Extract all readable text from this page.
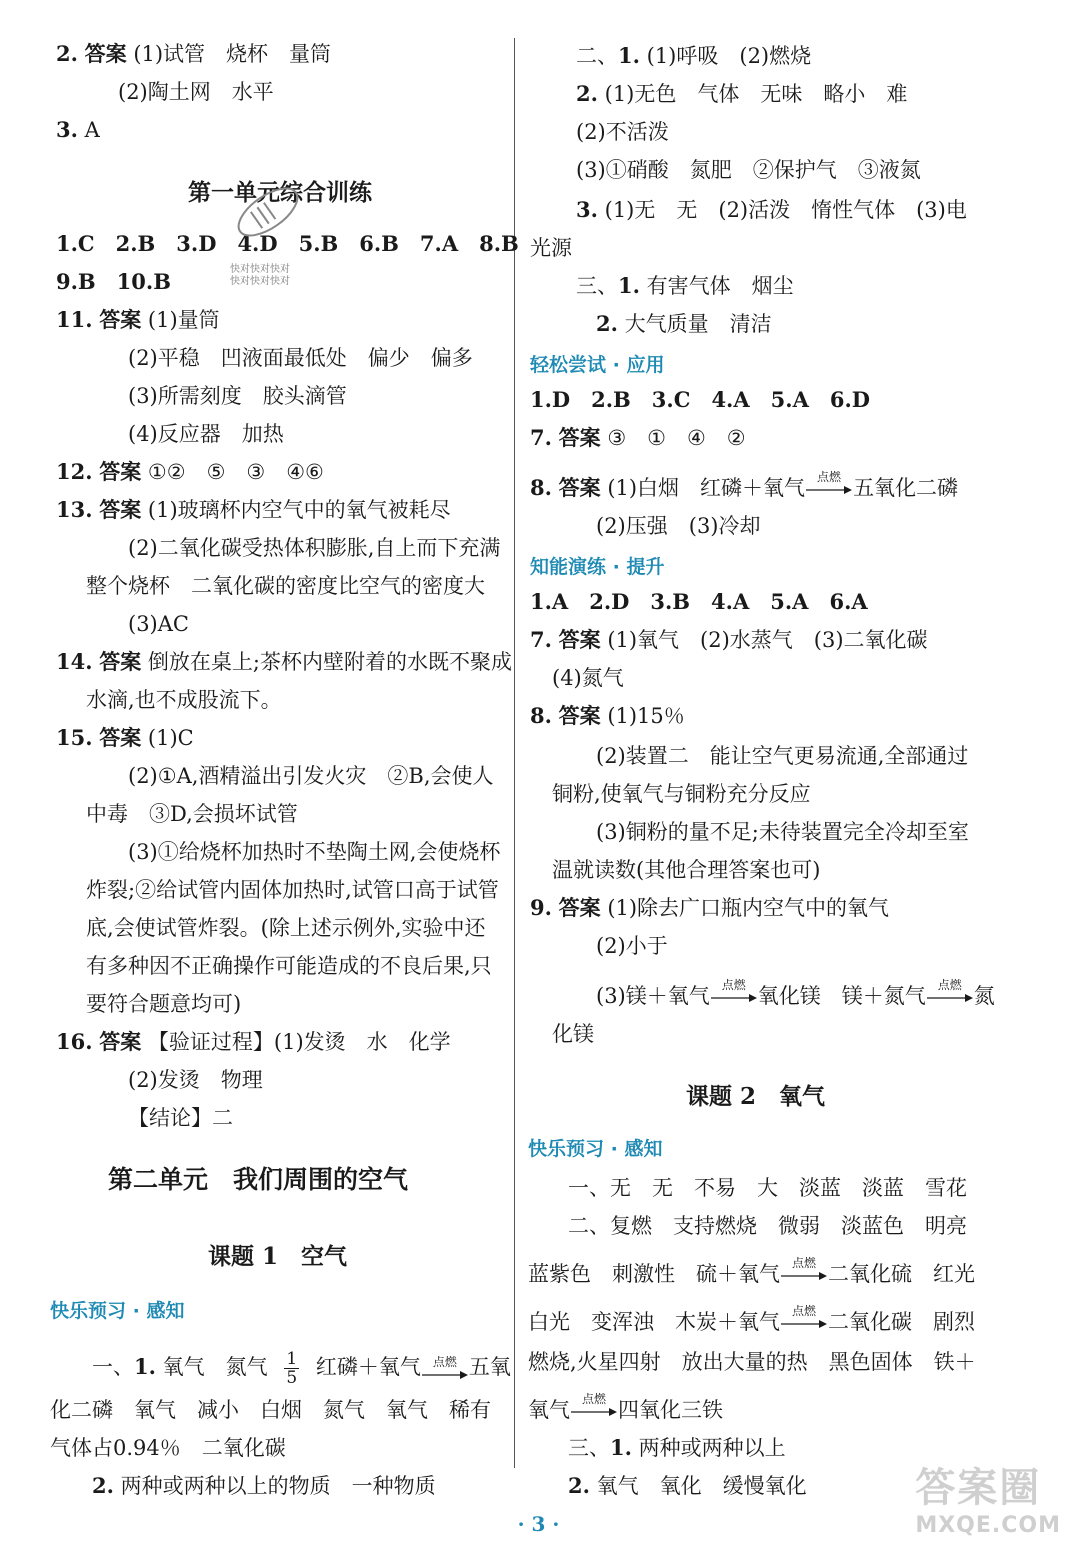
2. 答案 (1)试管　烧杯　量筒
(2)陶土网　水平
3. A
第一单元综合训练
1.C　2.B　3.D　4.D　5.B　6.B　7.A　8.B
9.B　10.B
11. 答案 (1)量筒
(2)平稳　凹液面最低处　偏少　偏多
(3)所需刻度　胶头滴管
(4)反应器　加热
12. 答案 ①②　⑤　③　④⑥
13. 答案 (1)玻璃杯内空气中的氧气被耗尽
(2)二氧化碳受热体积膨胀,自上而下充满
整个烧杯　二氧化碳的密度比空气的密度大
(3)AC
14. 答案 倒放在桌上;茶杯内壁附着的水既不聚成
水滴,也不成股流下。
15. 答案 (1)C
(2)①A,酒精溢出引发火灾　②B,会使人
中毒　③D,会损坏试管
(3)①给烧杯加热时不垫陶土网,会使烧杯
炸裂;②给试管内固体加热时,试管口高于试管
底,会使试管炸裂。(除上述示例外,实验中还
有多种因不正确操作可能造成的不良后果,只
要符合题意均可)
16. 答案 【验证过程】(1)发烫　水　化学
(2)发烫　物理
【结论】二
第二单元　我们周围的空气
课题 1　空气
快乐预习 · 感知
一、1. 氧气　氮气 $\frac{1}{5}$ 红磷＋氧气 点燃 五氧
化二磷　氧气　减小　白烟　氮气　氧气　稀有
气体占0.94％　二氧化碳
2. 两种或两种以上的物质　一种物质
快对快对快对 快对快对快对
二、1. (1)呼吸　(2)燃烧
2. (1)无色　气体　无味　略小　难
(2)不活泼
(3)①硝酸　氮肥　②保护气　③液氮
3. (1)无　无　(2)活泼　惰性气体　(3)电
光源
三、1. 有害气体　烟尘
2. 大气质量　清洁
轻松尝试 · 应用
1.D　2.B　3.C　4.A　5.A　6.D
7. 答案 ③　①　④　②
8. 答案 (1)白烟　红磷＋氧气 点燃 五氧化二磷
(2)压强　(3)冷却
知能演练 · 提升
1.A　2.D　3.B　4.A　5.A　6.A
7. 答案 (1)氧气　(2)水蒸气　(3)二氧化碳
(4)氮气
8. 答案 (1)15％
(2)装置二　能让空气更易流通,全部通过
铜粉,使氧气与铜粉充分反应
(3)铜粉的量不足;未待装置完全冷却至室
温就读数(其他合理答案也可)
9. 答案 (1)除去广口瓶内空气中的氧气
(2)小于
(3)镁＋氧气 点燃 氧化镁　镁＋氮气 点燃 氮
化镁
课题 2　氧气
快乐预习 · 感知
一、无　无　不易　大　淡蓝　淡蓝　雪花
二、复燃　支持燃烧　微弱　淡蓝色　明亮
蓝紫色　刺激性　硫＋氧气 点燃 二氧化硫　红光
白光　变浑浊　木炭＋氧气 点燃 二氧化碳　剧烈
燃烧,火星四射　放出大量的热　黑色固体　铁＋
氧气 点燃 四氧化三铁
三、1. 两种或两种以上
2. 氧气　氧化　缓慢氧化
· 3 ·
答案圈
MXQE.COM
